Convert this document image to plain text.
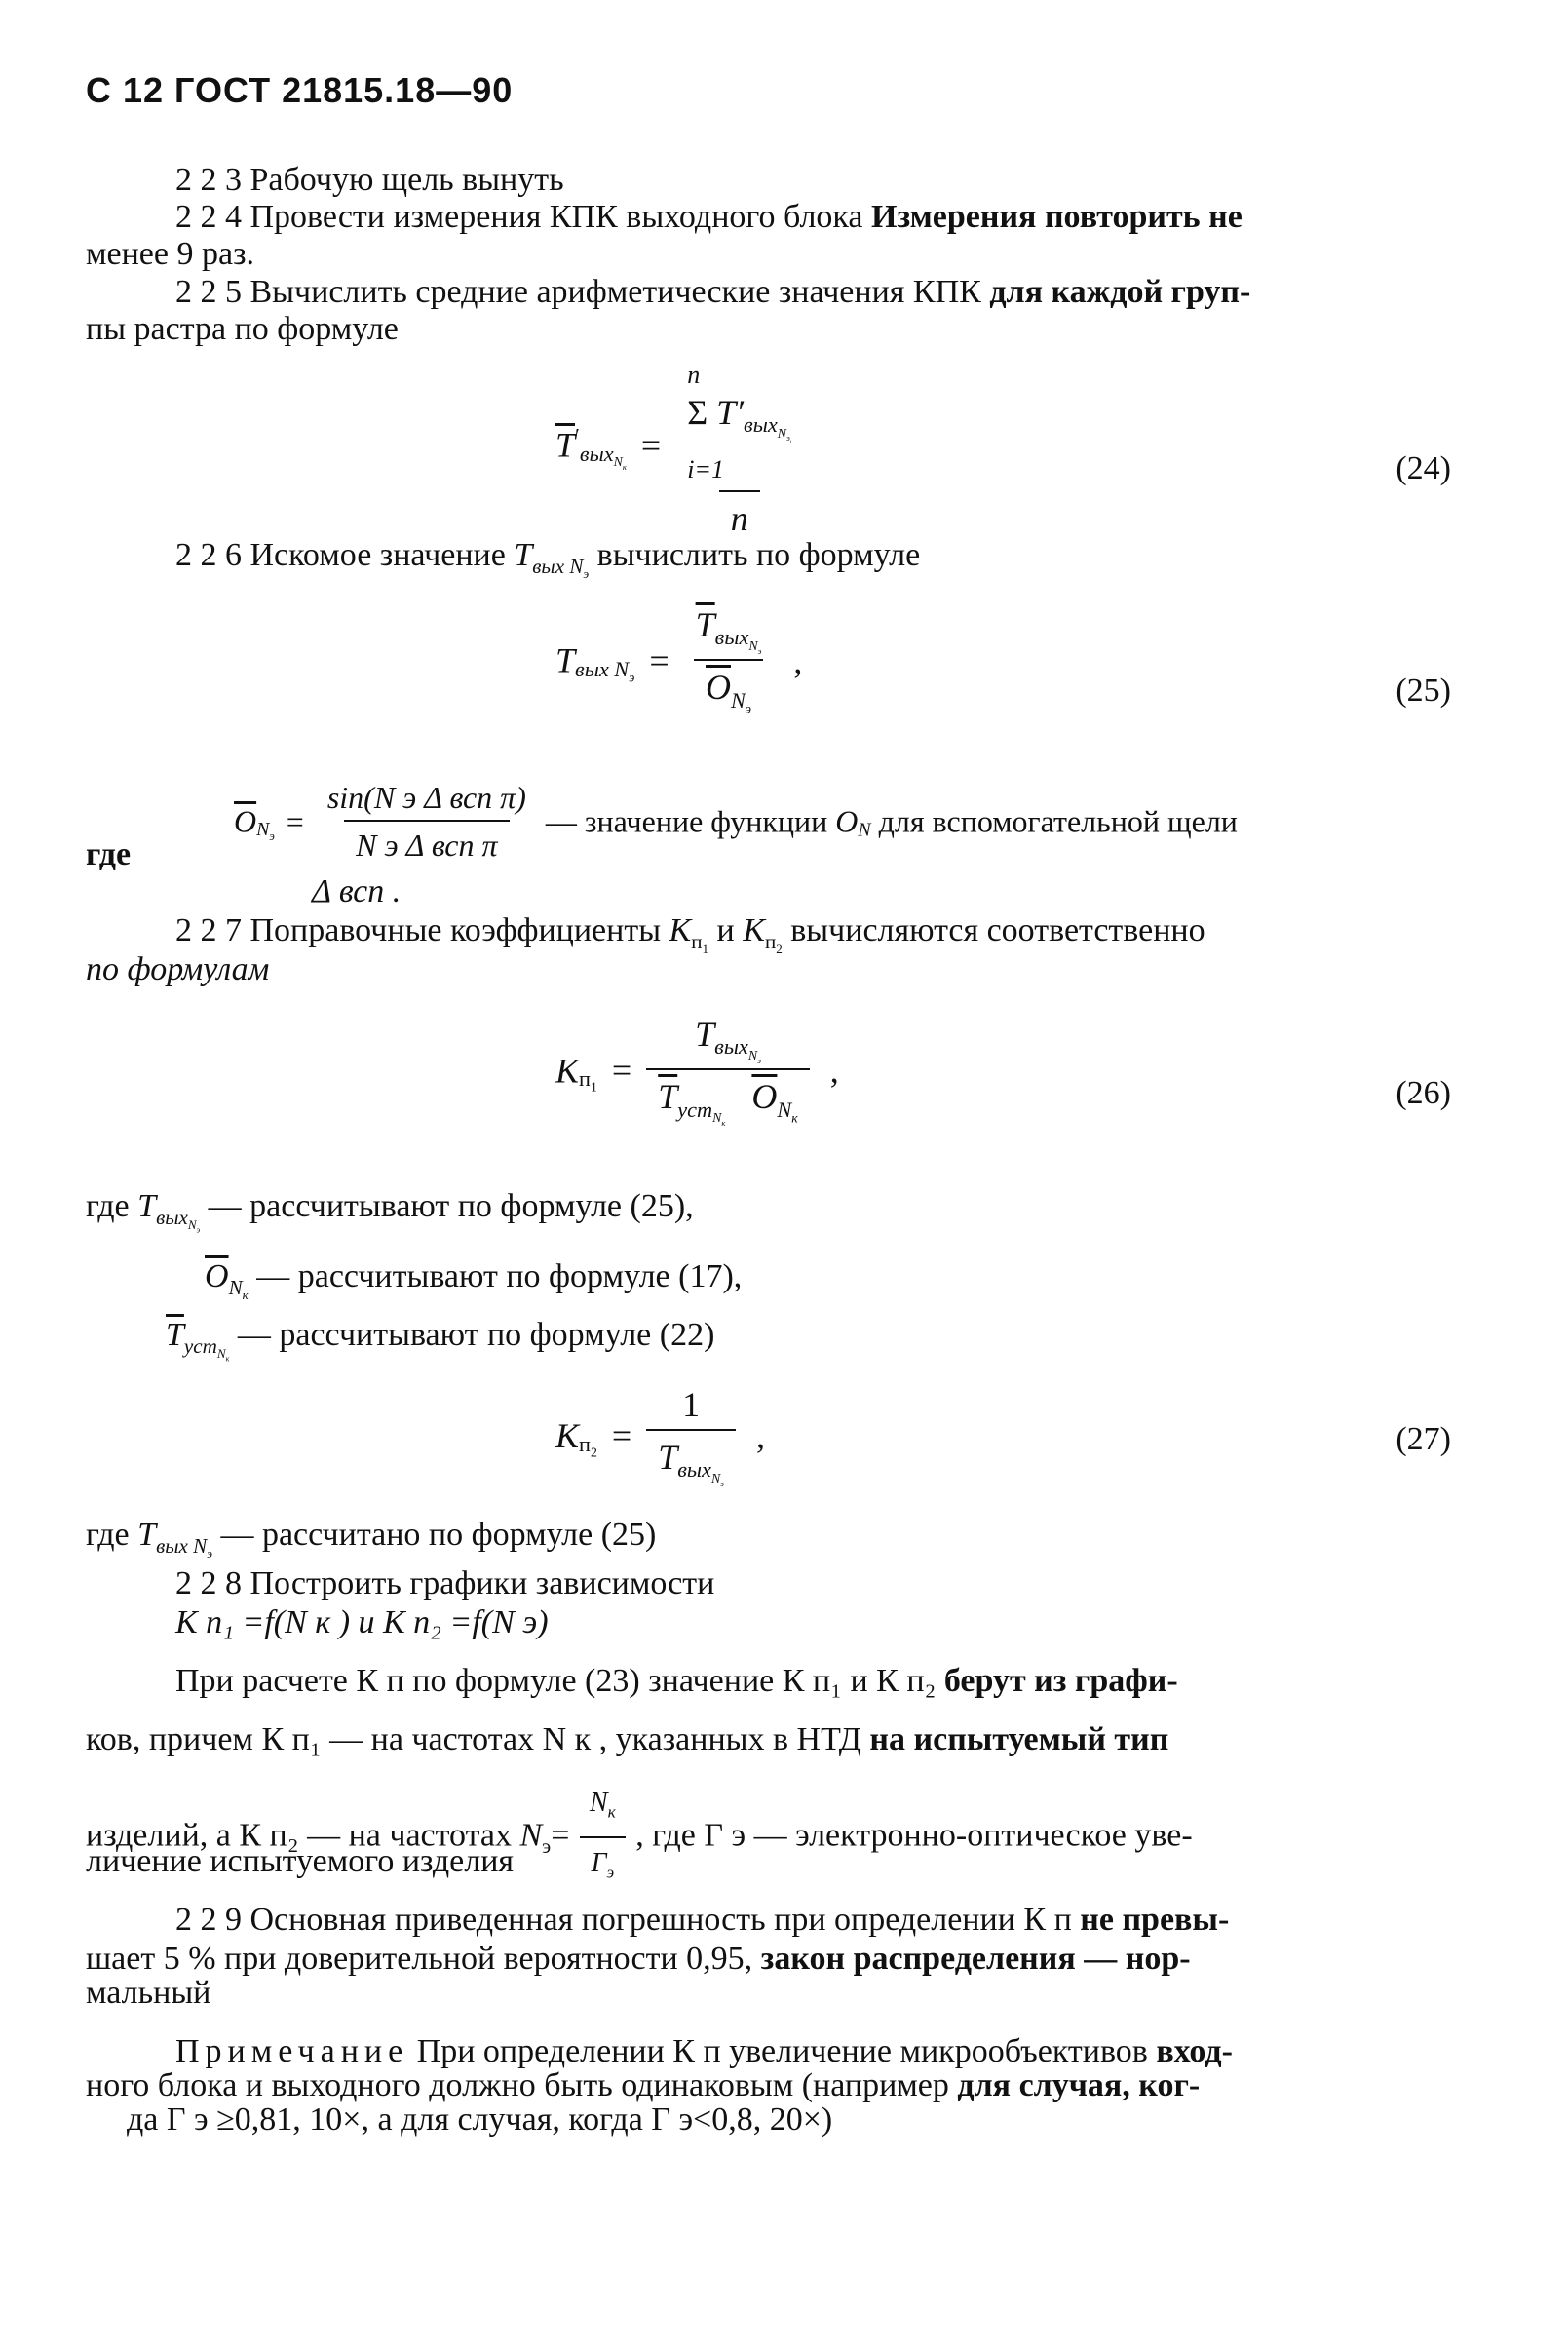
С 12 ГОСТ 21815.18—90
2 2 3 Рабочую щель вынуть
2 2 4 Провести измерения КПК выходного блока Измерения повторить не
менее 9 раз.
2 2 5 Вычислить средние арифметические значения КПК для каждой груп-
пы растра по формуле
$\overline{T}'_{вых_{N_к}}$ =
n
Σ $T'_{вых_{N_{э_i}}}$
i=1
n
(24)
2 2 6 Искомое значение $T_{вых N_э}$ вычислить по формуле
$T_{вых N_э} = \frac{\overline{T}_{вых_{N_э}}}{\overline{O}_{N_э}}$ ,
(25)
где
$\overline{O}_{N_э} = \frac{\text{sin(N э Δ всп π)}}{\text{N э Δ всп π}}$ — значение функции $O_N$ для вспомогательной щели
Δ всп .
2 2 7 Поправочные коэффициенты $K_{п_1}$ и $K_{п_2}$ вычисляются соответственно
по формулам
$K_{п_1} = \frac{T_{вых_{N_э}}}{\overline{T}_{уст_{N_к}} \overline{O}_{N_к}}$ ,
(26)
где $T_{вых_{N_э}}$ — рассчитывают по формуле (25),
$\overline{O}_{N_к}$ — рассчитывают по формуле (17),
$\overline{T}_{уст_{N_к}}$ — рассчитывают по формуле (22)
$K_{п_2} = \frac{1}{T_{вых_{N_э}}}$ ,	(27)
где $T_{вых N_э}$ — рассчитано по формуле (25)
2 2 8 Построить графики зависимости
К п₁ =f(N к ) и К п₂ =f(N э)
При расчете К п по формуле (23) значение К п₁ и К п₂ берут из графи-
ков, причем К п₁ — на частотах N к , указанных в НТД на испытуемый тип
изделий, а К п₂ — на частотах $N_э= \frac{N_к}{Г_э}$ , где Г э — электронно-оптическое уве-
личение испытуемого изделия
2 2 9 Основная приведенная погрешность при определении К п не превы-
шает 5 % при доверительной вероятности 0,95, закон распределения — нор-
мальный
Примечание При определении К п увеличение микрообъективов вход-
ного блока и выходного должно быть одинаковым (например для случая, ког-
да Г э ≥0,81, 10×, а для случая, когда Г э<0,8, 20×)
